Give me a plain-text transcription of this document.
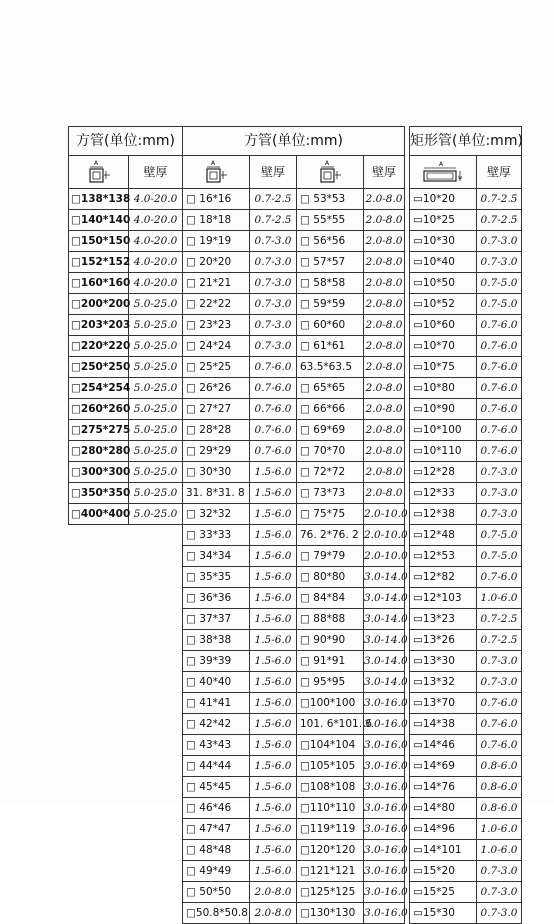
方管(单位:mm)	

A	壁厚
□138*138	4.0-20.0
□140*140	4.0-20.0
□150*150	4.0-20.0
□152*152	4.0-20.0
□160*160	4.0-20.0
□200*200	5.0-25.0
□203*203	5.0-25.0
□220*220	5.0-25.0
□250*250	5.0-25.0
□254*254	5.0-25.0
□260*260	5.0-25.0
□275*275	5.0-25.0
□280*280	5.0-25.0
□300*300	5.0-25.0
□350*350	5.0-25.0
□400*400	5.0-25.0
方管(单位:mm)			

A	壁厚	A	壁厚
□ 16*16	0.7-2.5	□ 53*53	2.0-8.0
□ 18*18	0.7-2.5	□ 55*55	2.0-8.0
□ 19*19	0.7-3.0	□ 56*56	2.0-8.0
□ 20*20	0.7-3.0	□ 57*57	2.0-8.0
□ 21*21	0.7-3.0	□ 58*58	2.0-8.0
□ 22*22	0.7-3.0	□ 59*59	2.0-8.0
□ 23*23	0.7-3.0	□ 60*60	2.0-8.0
□ 24*24	0.7-3.0	□ 61*61	2.0-8.0
□ 25*25	0.7-6.0	63.5*63.5	2.0-8.0
□ 26*26	0.7-6.0	□ 65*65	2.0-8.0
□ 27*27	0.7-6.0	□ 66*66	2.0-8.0
□ 28*28	0.7-6.0	□ 69*69	2.0-8.0
□ 29*29	0.7-6.0	□ 70*70	2.0-8.0
□ 30*30	1.5-6.0	□ 72*72	2.0-8.0
31. 8*31. 8	1.5-6.0	□ 73*73	2.0-8.0
□ 32*32	1.5-6.0	□ 75*75	2.0-10.0
□ 33*33	1.5-6.0	76. 2*76. 2	2.0-10.0
□ 34*34	1.5-6.0	□ 79*79	2.0-10.0
□ 35*35	1.5-6.0	□ 80*80	3.0-14.0
□ 36*36	1.5-6.0	□ 84*84	3.0-14.0
□ 37*37	1.5-6.0	□ 88*88	3.0-14.0
□ 38*38	1.5-6.0	□ 90*90	3.0-14.0
□ 39*39	1.5-6.0	□ 91*91	3.0-14.0
□ 40*40	1.5-6.0	□ 95*95	3.0-14.0
□ 41*41	1.5-6.0	□100*100	3.0-16.0
□ 42*42	1.5-6.0	101. 6*101. 6	3.0-16.0
□ 43*43	1.5-6.0	□104*104	3.0-16.0
□ 44*44	1.5-6.0	□105*105	3.0-16.0
□ 45*45	1.5-6.0	□108*108	3.0-16.0
□ 46*46	1.5-6.0	□110*110	3.0-16.0
□ 47*47	1.5-6.0	□119*119	3.0-16.0
□ 48*48	1.5-6.0	□120*120	3.0-16.0
□ 49*49	1.5-6.0	□121*121	3.0-16.0
□ 50*50	2.0-8.0	□125*125	3.0-16.0
□50.8*50.8	2.0-8.0	□130*130	3.0-16.0
矩形管(单位:mm)	

A
w	壁厚
▭10*20	0.7-2.5
▭10*25	0.7-2.5
▭10*30	0.7-3.0
▭10*40	0.7-3.0
▭10*50	0.7-5.0
▭10*52	0.7-5.0
▭10*60	0.7-6.0
▭10*70	0.7-6.0
▭10*75	0.7-6.0
▭10*80	0.7-6.0
▭10*90	0.7-6.0
▭10*100	0.7-6.0
▭10*110	0.7-6.0
▭12*28	0.7-3.0
▭12*33	0.7-3.0
▭12*38	0.7-3.0
▭12*48	0.7-5.0
▭12*53	0.7-5.0
▭12*82	0.7-6.0
▭12*103	1.0-6.0
▭13*23	0.7-2.5
▭13*26	0.7-2.5
▭13*30	0.7-3.0
▭13*32	0.7-3.0
▭13*70	0.7-6.0
▭14*38	0.7-6.0
▭14*46	0.7-6.0
▭14*69	0.8-6.0
▭14*76	0.8-6.0
▭14*80	0.8-6.0
▭14*96	1.0-6.0
▭14*101	1.0-6.0
▭15*20	0.7-3.0
▭15*25	0.7-3.0
▭15*30	0.7-3.0
